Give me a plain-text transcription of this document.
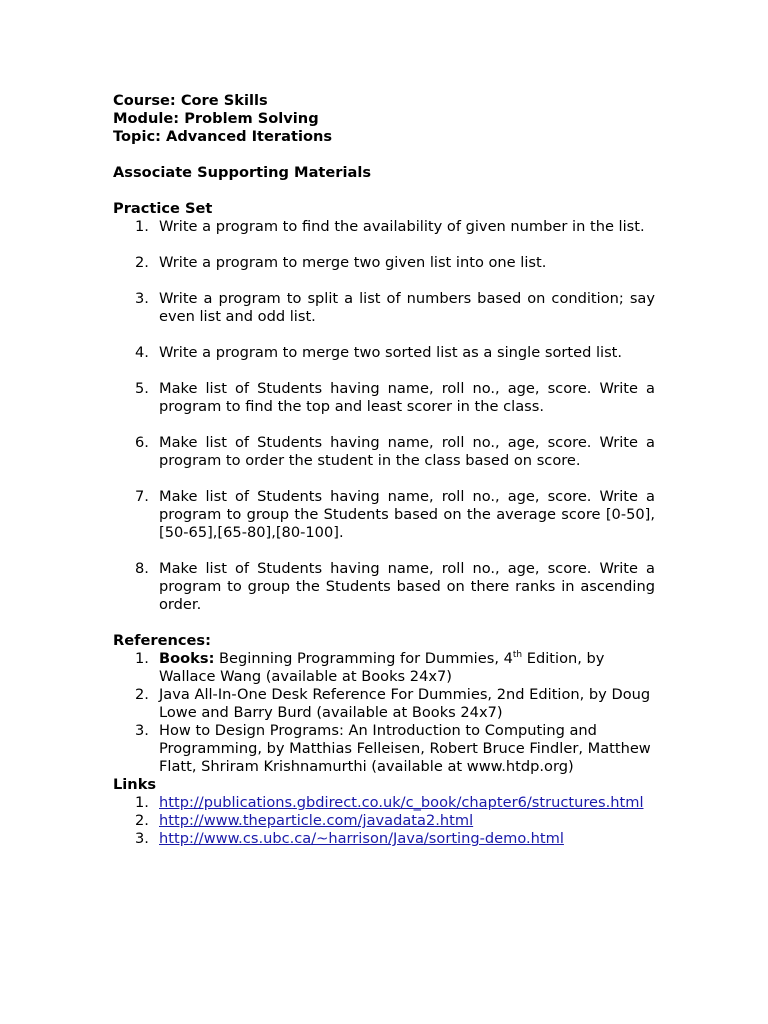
Course: Core Skills
Module: Problem Solving
Topic: Advanced Iterations
Associate Supporting Materials
Practice Set
1. Write a program to find the availability of given number in the list.
2. Write a program to merge two given list into one list.
3. Write a program to split a list of numbers based on condition; say even list and odd list.
4. Write a program to merge two sorted list as a single sorted list.
5. Make list of Students having name, roll no., age, score. Write a program to find the top and least scorer in the class.
6. Make list of Students having name, roll no., age, score. Write a program to order the student in the class based on score.
7. Make list of Students having name, roll no., age, score. Write a program to group the Students based on the average score [0-50],[50-65],[65-80],[80-100].
8. Make list of Students having name, roll no., age, score. Write a program to group the Students based on there ranks in ascending order.
References:
1. Books: Beginning Programming for Dummies, 4th Edition, by Wallace Wang (available at Books 24x7)
2. Java All-In-One Desk Reference For Dummies, 2nd Edition, by Doug Lowe and Barry Burd (available at Books 24x7)
3. How to Design Programs: An Introduction to Computing and Programming, by Matthias Felleisen, Robert Bruce Findler, Matthew Flatt, Shriram Krishnamurthi (available at www.htdp.org)
Links
1. http://publications.gbdirect.co.uk/c_book/chapter6/structures.html
2. http://www.theparticle.com/javadata2.html
3. http://www.cs.ubc.ca/~harrison/Java/sorting-demo.html
